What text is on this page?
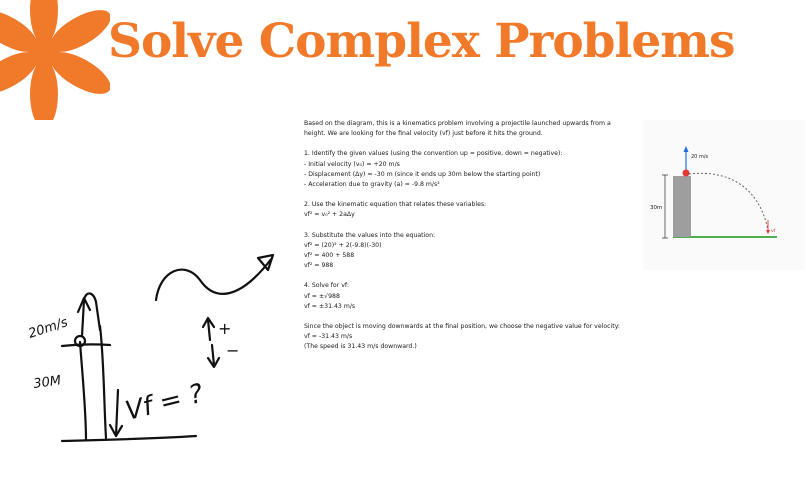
Solve Complex Problems
20m/s
30M Vf = ?
+
−

Based on the diagram, this is a kinematics problem involving a projectile launched upwards from a

height. We are looking for the final velocity (vf) just before it hits the ground.

1. Identify the given values (using the convention up = positive, down = negative):

- Initial velocity (v₀) = +20 m/s

- Displacement (Δy) = -30 m (since it ends up 30m below the starting point)

- Acceleration due to gravity (a) = -9.8 m/s²

2. Use the kinematic equation that relates these variables:

vf² = v₀² + 2aΔy

3. Substitute the values into the equation:

vf² = (20)² + 2(-9.8)(-30)

vf² = 400 + 588

vf² = 988

4. Solve for vf:

vf = ±√988

vf ≈ ±31.43 m/s

Since the object is moving downwards at the final position, we choose the negative value for velocity:

vf ≈ -31.43 m/s

(The speed is 31.43 m/s downward.)

30m
20 m/s
vf
